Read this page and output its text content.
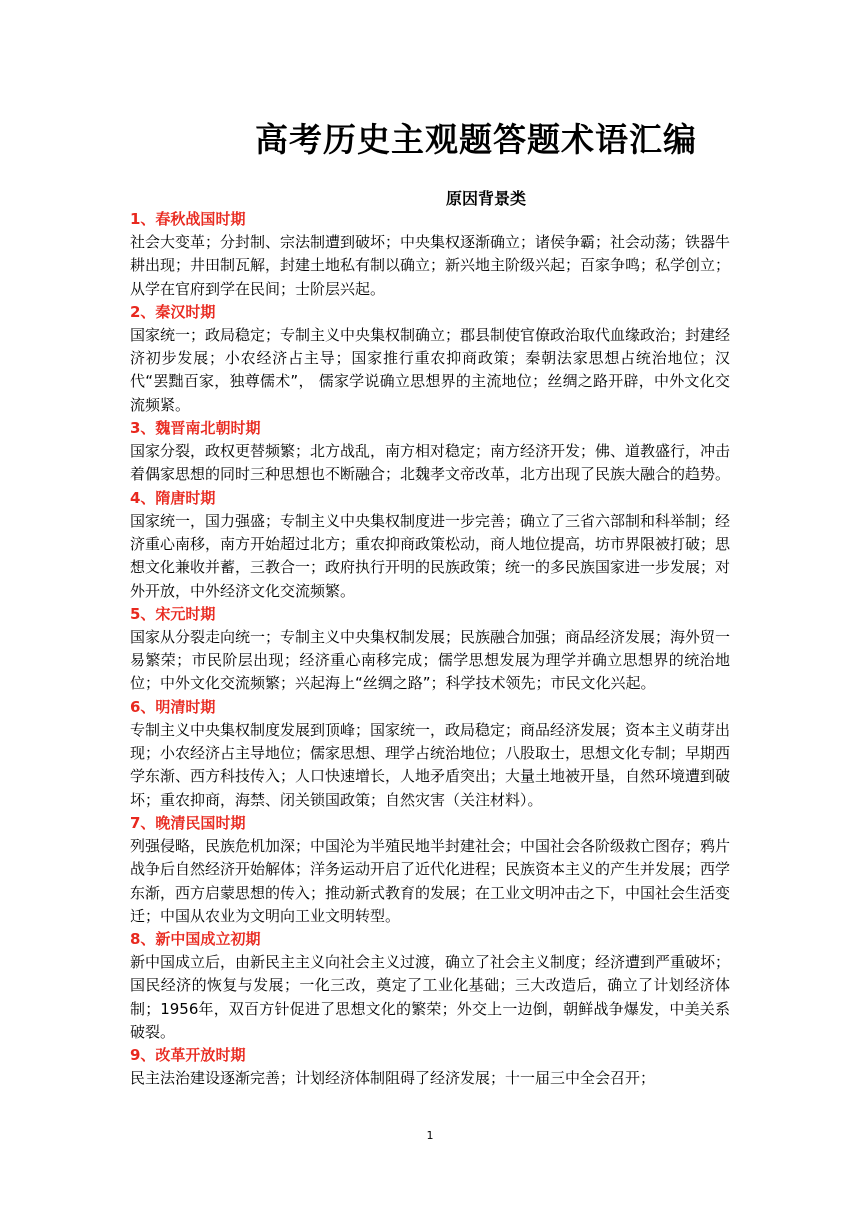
高考历史主观题答题术语汇编
原因背景类

1、春秋战国时期

社会大变革；分封制、宗法制遭到破坏；中央集权逐渐确立；诸侯争霸；社会动荡；铁器牛耕出现；井田制瓦解，封建土地私有制以确立；新兴地主阶级兴起；百家争鸣；私学创立；从学在官府到学在民间；士阶层兴起。

2、秦汉时期

国家统一；政局稳定；专制主义中央集权制确立；郡县制使官僚政治取代血缘政治；封建经济初步发展；小农经济占主导；国家推行重农抑商政策；秦朝法家思想占统治地位；汉代“罢黜百家，独尊儒术”， 儒家学说确立思想界的主流地位；丝绸之路开辟，中外文化交流频紧。

3、魏晋南北朝时期

国家分裂，政权更替频繁；北方战乱，南方相对稳定；南方经济开发；佛、道教盛行，冲击着偶家思想的同时三种思想也不断融合；北魏孝文帝改革，北方出现了民族大融合的趋势。

4、隋唐时期

国家统一，国力强盛；专制主义中央集权制度进一步完善；确立了三省六部制和科举制；经济重心南移，南方开始超过北方；重农抑商政策松动，商人地位提高，坊市界限被打破；思想文化兼收并蓄，三教合一；政府执行开明的民族政策；统一的多民族国家进一步发展；对外开放，中外经济文化交流频繁。

5、宋元时期

国家从分裂走向统一；专制主义中央集权制发展；民族融合加强；商品经济发展；海外贸一易繁荣；市民阶层出现；经济重心南移完成；儒学思想发展为理学并确立思想界的统治地位；中外文化交流频繁；兴起海上“丝绸之路”；科学技术领先；市民文化兴起。

6、明清时期

专制主义中央集权制度发展到顶峰；国家统一，政局稳定；商品经济发展；资本主义萌芽出现；小农经济占主导地位；儒家思想、理学占统治地位；八股取士，思想文化专制；早期西学东渐、西方科技传入；人口快速增长，人地矛盾突出；大量土地被开垦，自然环境遭到破坏；重农抑商，海禁、闭关锁国政策；自然灾害（关注材料）。

7、晚清民国时期

列强侵略，民族危机加深；中国沦为半殖民地半封建社会；中国社会各阶级救亡图存；鸦片战争后自然经济开始解体；洋务运动开启了近代化进程；民族资本主义的产生并发展；西学东渐，西方启蒙思想的传入；推动新式教育的发展；在工业文明冲击之下，中国社会生活变迁；中国从农业为文明向工业文明转型。

8、新中国成立初期

新中国成立后，由新民主主义向社会主义过渡，确立了社会主义制度；经济遭到严重破坏；国民经济的恢复与发展；一化三改，奠定了工业化基础；三大改造后，确立了计划经济体制；1956年，双百方针促进了思想文化的繁荣；外交上一边倒，朝鲜战争爆发，中美关系破裂。

9、改革开放时期

民主法治建设逐渐完善；计划经济体制阻碍了经济发展；十一届三中全会召开；

1
